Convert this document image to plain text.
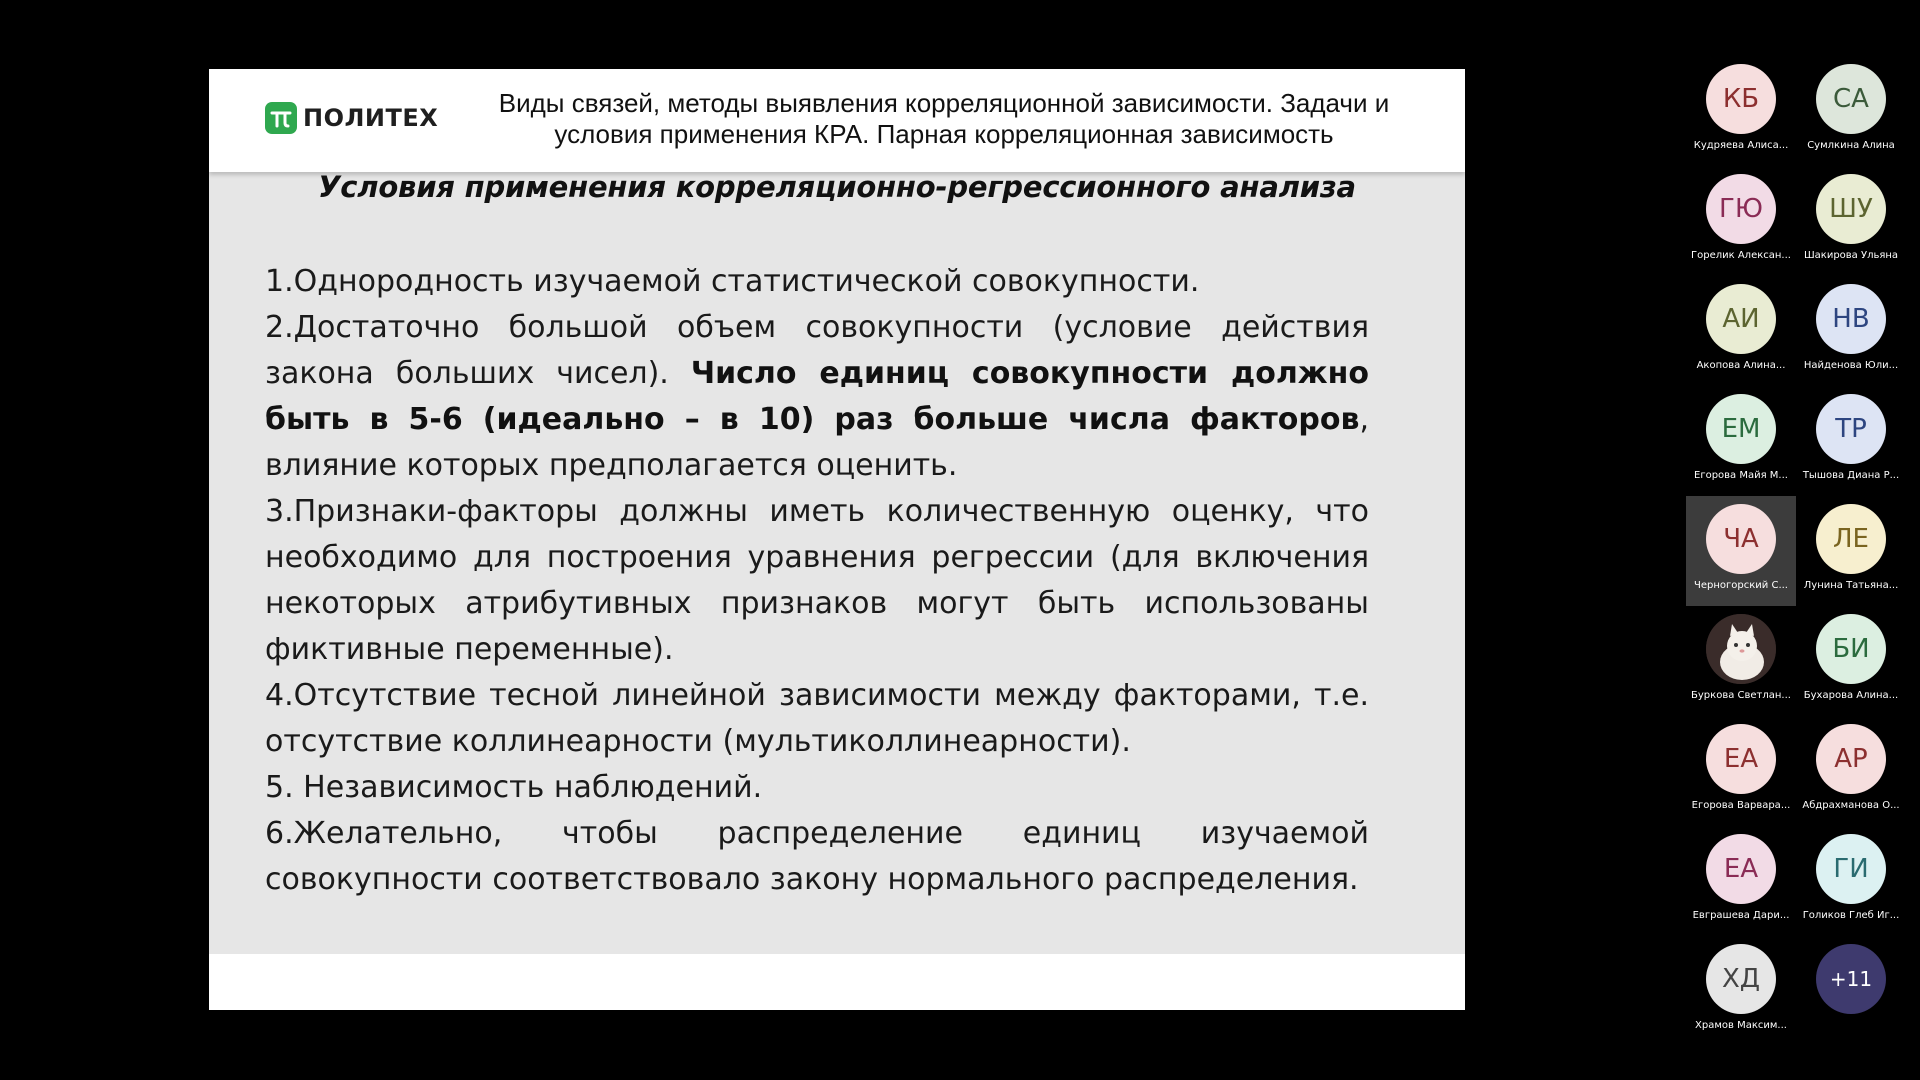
ПОЛИТЕХ	Виды связей, методы выявления корреляционной зависимости. Задачи и
условия применения КРА. Парная корреляционная зависимость
Условия применения корреляционно-регрессионного анализа

1.Однородность изучаемой статистической совокупности.

2.Достаточно большой объем совокупности (условие действия закона больших чисел). Число единиц совокупности должно быть в 5-6 (идеально – в 10) раз больше числа факторов, влияние которых предполагается оценить.

3.Признаки-факторы должны иметь количественную оценку, что необходимо для построения уравнения регрессии (для включения некоторых атрибутивных признаков могут быть использованы фиктивные переменные).

4.Отсутствие тесной линейной зависимости между факторами, т.е. отсутствие коллинеарности (мультиколлинеарности).

5. Независимость наблюдений.

6.Желательно, чтобы распределение единиц изучаемой совокупности соответствовало закону нормального распределения.

КБ
Кудряева Алиса...
СА
Сумлкина Алина
ГЮ
Горелик Алексан...
ШУ
Шакирова Ульяна
АИ
Акопова Алина...
НВ
Найденова Юли...
ЕМ
Егорова Майя М...
ТР
Тышова Диана Р...
ЧА
Черногорский С...
ЛЕ
Лунина Татьяна...
Буркова Светлан...
БИ
Бухарова Алина...
ЕА
Егорова Варвара...
АР
Абдрахманова О...
ЕА
Евграшева Дари...
ГИ
Голиков Глеб Иг...
ХД
Храмов Максим...
+11
